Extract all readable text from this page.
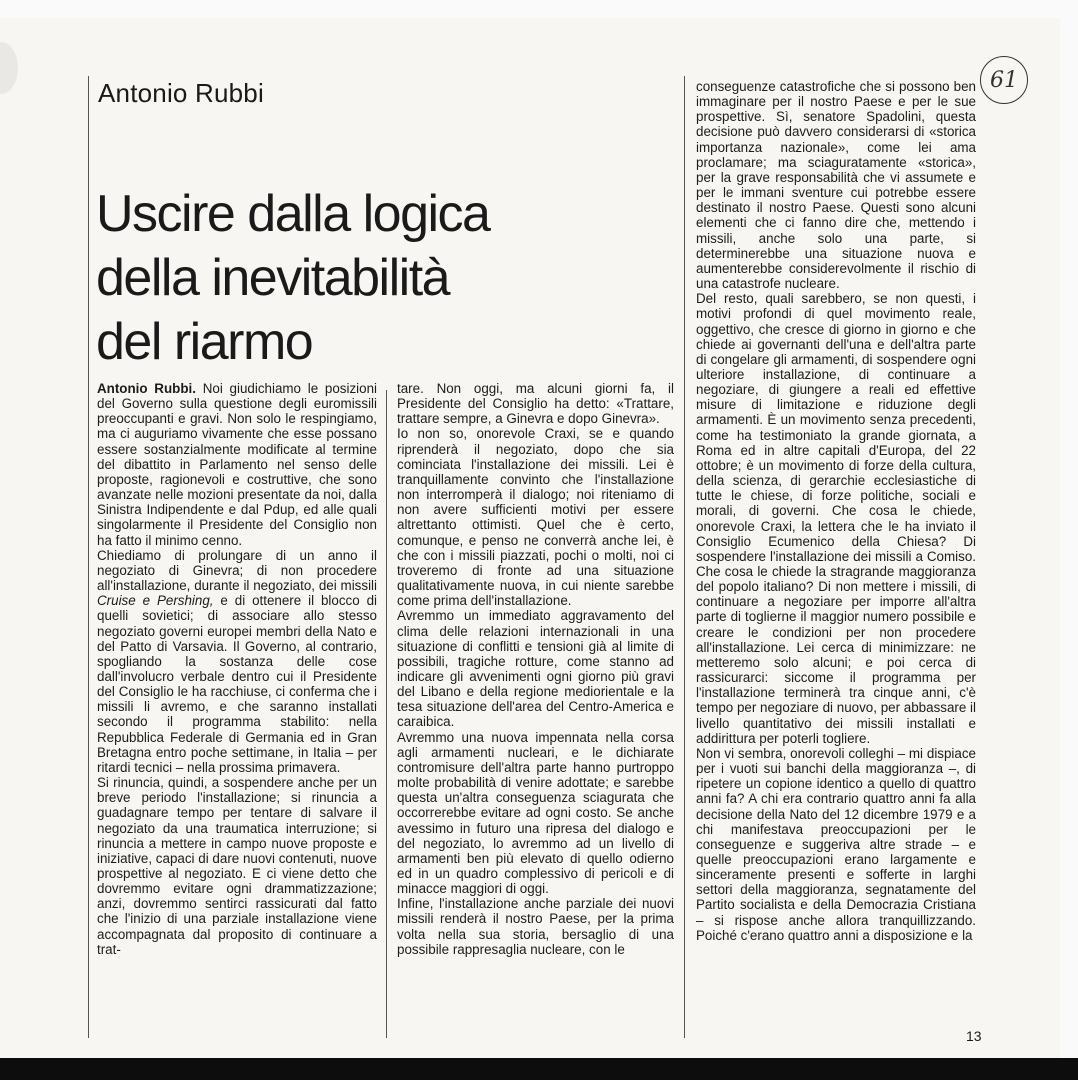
61
Antonio Rubbi
Uscire dalla logica
della inevitabilità
del riarmo

Antonio Rubbi. Noi giudichiamo le posizioni del Governo sulla questione degli euromissili preoccupanti e gravi. Non solo le respingiamo, ma ci auguriamo vivamente che esse possano essere sostanzialmente modificate al termine del dibattito in Parlamento nel senso delle proposte, ragionevoli e costruttive, che sono avanzate nelle mozioni presentate da noi, dalla Sinistra Indipendente e dal Pdup, ed alle quali singolarmente il Presidente del Consiglio non ha fatto il minimo cenno.

Chiediamo di prolungare di un anno il negoziato di Ginevra; di non procedere all'installazione, durante il negoziato, dei missili Cruise e Pershing, e di ottenere il blocco di quelli sovietici; di associare allo stesso negoziato governi europei membri della Nato e del Patto di Varsavia. Il Governo, al contrario, spogliando la sostanza delle cose dall'involucro verbale dentro cui il Presidente del Consiglio le ha racchiuse, ci conferma che i missili li avremo, e che saranno installati secondo il programma stabilito: nella Repubblica Federale di Germania ed in Gran Bretagna entro poche settimane, in Italia – per ritardi tecnici – nella prossima primavera.

Si rinuncia, quindi, a sospendere anche per un breve periodo l'installazione; si rinuncia a guadagnare tempo per tentare di salvare il negoziato da una traumatica interruzione; si rinuncia a mettere in campo nuove proposte e iniziative, capaci di dare nuovi contenuti, nuove prospettive al negoziato. E ci viene detto che dovremmo evitare ogni drammatizzazione; anzi, dovremmo sentirci rassicurati dal fatto che l'inizio di una parziale installazione viene accompagnata dal proposito di continuare a trat-

tare. Non oggi, ma alcuni giorni fa, il Presidente del Consiglio ha detto: «Trattare, trattare sempre, a Ginevra e dopo Ginevra».

Io non so, onorevole Craxi, se e quando riprenderà il negoziato, dopo che sia cominciata l'installazione dei missili. Lei è tranquillamente convinto che l'installazione non interromperà il dialogo; noi riteniamo di non avere sufficienti motivi per essere altrettanto ottimisti. Quel che è certo, comunque, e penso ne converrà anche lei, è che con i missili piazzati, pochi o molti, noi ci troveremo di fronte ad una situazione qualitativamente nuova, in cui niente sarebbe come prima dell'installazione.

Avremmo un immediato aggravamento del clima delle relazioni internazionali in una situazione di conflitti e tensioni già al limite di possibili, tragiche rotture, come stanno ad indicare gli avvenimenti ogni giorno più gravi del Libano e della regione mediorientale e la tesa situazione dell'area del Centro-America e caraibica.

Avremmo una nuova impennata nella corsa agli armamenti nucleari, e le dichiarate contromisure dell'altra parte hanno purtroppo molte probabilità di venire adottate; e sarebbe questa un'altra conseguenza sciagurata che occorrerebbe evitare ad ogni costo. Se anche avessimo in futuro una ripresa del dialogo e del negoziato, lo avremmo ad un livello di armamenti ben più elevato di quello odierno ed in un quadro complessivo di pericoli e di minacce maggiori di oggi.

Infine, l'installazione anche parziale dei nuovi missili renderà il nostro Paese, per la prima volta nella sua storia, bersaglio di una possibile rappresaglia nucleare, con le

conseguenze catastrofiche che si possono ben immaginare per il nostro Paese e per le sue prospettive. Sì, senatore Spadolini, questa decisione può davvero considerarsi di «storica importanza nazionale», come lei ama proclamare; ma sciaguratamente «storica», per la grave responsabilità che vi assumete e per le immani sventure cui potrebbe essere destinato il nostro Paese. Questi sono alcuni elementi che ci fanno dire che, mettendo i missili, anche solo una parte, si determinerebbe una situazione nuova e aumenterebbe considerevolmente il rischio di una catastrofe nucleare.

Del resto, quali sarebbero, se non questi, i motivi profondi di quel movimento reale, oggettivo, che cresce di giorno in giorno e che chiede ai governanti dell'una e dell'altra parte di congelare gli armamenti, di sospendere ogni ulteriore installazione, di continuare a negoziare, di giungere a reali ed effettive misure di limitazione e riduzione degli armamenti. È un movimento senza precedenti, come ha testimoniato la grande giornata, a Roma ed in altre capitali d'Europa, del 22 ottobre; è un movimento di forze della cultura, della scienza, di gerarchie ecclesiastiche di tutte le chiese, di forze politiche, sociali e morali, di governi. Che cosa le chiede, onorevole Craxi, la lettera che le ha inviato il Consiglio Ecumenico della Chiesa? Di sospendere l'installazione dei missili a Comiso. Che cosa le chiede la stragrande maggioranza del popolo italiano? Di non mettere i missili, di continuare a negoziare per imporre all'altra parte di toglierne il maggior numero possibile e creare le condizioni per non procedere all'installazione. Lei cerca di minimizzare: ne metteremo solo alcuni; e poi cerca di rassicurarci: siccome il programma per l'installazione terminerà tra cinque anni, c'è tempo per negoziare di nuovo, per abbassare il livello quantitativo dei missili installati e addirittura per poterli togliere.

Non vi sembra, onorevoli colleghi – mi dispiace per i vuoti sui banchi della maggioranza –, di ripetere un copione identico a quello di quattro anni fa? A chi era contrario quattro anni fa alla decisione della Nato del 12 dicembre 1979 e a chi manifestava preoccupazioni per le conseguenze e suggeriva altre strade – e quelle preoccupazioni erano largamente e sinceramente presenti e sofferte in larghi settori della maggioranza, segnatamente del Partito socialista e della Democrazia Cristiana – si rispose anche allora tranquillizzando. Poiché c'erano quattro anni a disposizione e la

13
